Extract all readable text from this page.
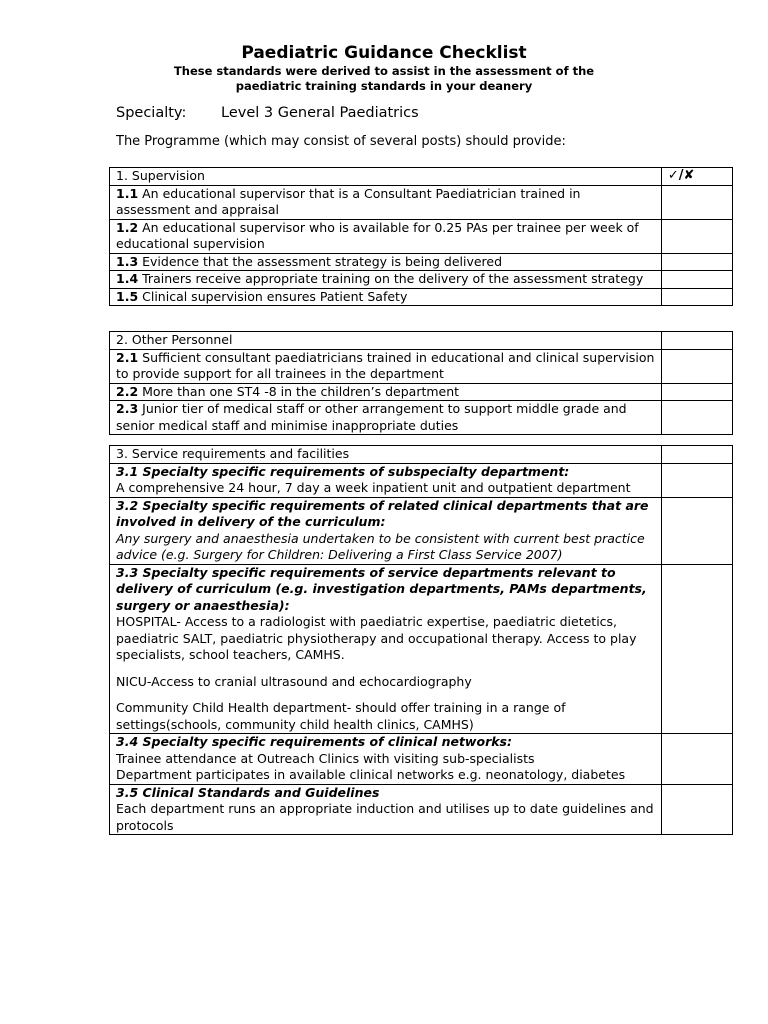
Paediatric Guidance Checklist
These standards were derived to assist in the assessment of the
paediatric training standards in your deanery
Specialty: Level 3 General Paediatrics
The Programme (which may consist of several posts) should provide:
1. Supervision	✓/✘
1.1 An educational supervisor that is a Consultant Paediatrician trained in assessment and appraisal	
1.2 An educational supervisor who is available for 0.25 PAs per trainee per week of educational supervision	
1.3 Evidence that the assessment strategy is being delivered	
1.4 Trainers receive appropriate training on the delivery of the assessment strategy	
1.5 Clinical supervision ensures Patient Safety	
2. Other Personnel	
2.1 Sufficient consultant paediatricians trained in educational and clinical supervision to provide support for all trainees in the department	
2.2 More than one ST4 -8 in the children’s department	
2.3 Junior tier of medical staff or other arrangement to support middle grade and senior medical staff and minimise inappropriate duties	
3. Service requirements and facilities	

3.1 Specialty specific requirements of subspecialty department:
A comprehensive 24 hour, 7 day a week inpatient unit and outpatient department	

3.2 Specialty specific requirements of related clinical departments that are involved in delivery of the curriculum:
Any surgery and anaesthesia undertaken to be consistent with current best practice advice (e.g. Surgery for Children: Delivering a First Class Service 2007)	

3.3 Specialty specific requirements of service departments relevant to delivery of curriculum (e.g. investigation departments, PAMs departments, surgery or anaesthesia):
HOSPITAL- Access to a radiologist with paediatric expertise, paediatric dietetics, paediatric SALT, paediatric physiotherapy and occupational therapy. Access to play specialists, school teachers, CAMHS.
NICU-Access to cranial ultrasound and echocardiography
Community Child Health department- should offer training in a range of settings(schools, community child health clinics, CAMHS)	

3.4 Specialty specific requirements of clinical networks:
Trainee attendance at Outreach Clinics with visiting sub-specialists
Department participates in available clinical networks e.g. neonatology, diabetes	

3.5 Clinical Standards and Guidelines
Each department runs an appropriate induction and utilises up to date guidelines and protocols	
